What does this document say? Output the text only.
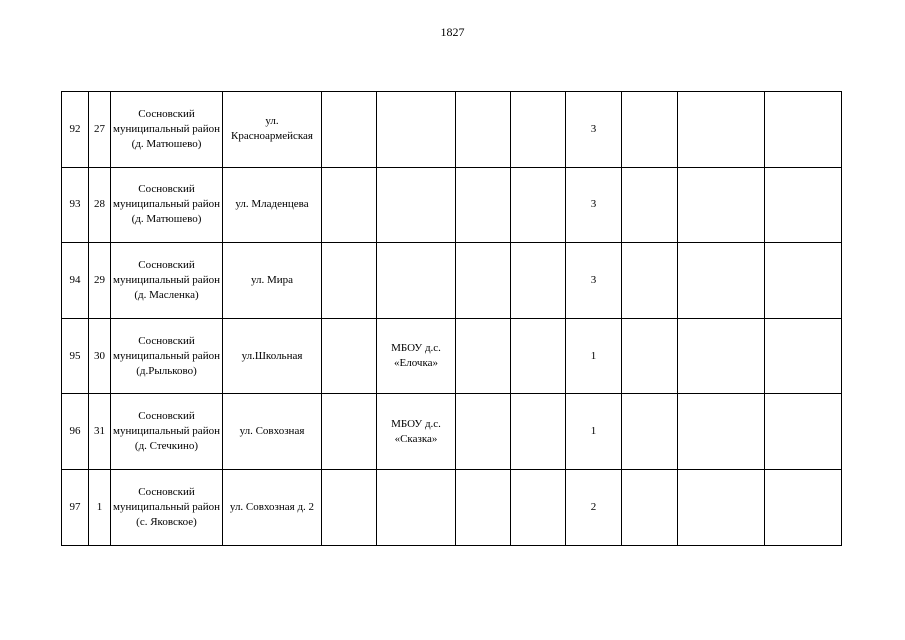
1827
92	27	Сосновский муниципальный район (д. Матюшево)	ул. Красноармейская					3			
93	28	Сосновский муниципальный район (д. Матюшево)	ул. Младенцева					3			
94	29	Сосновский муниципальный район (д. Масленка)	ул. Мира					3			
95	30	Сосновский муниципальный район (д.Рыльково)	ул.Школьная		МБОУ д.с. «Елочка»			1			
96	31	Сосновский муниципальный район (д. Стечкино)	ул. Совхозная		МБОУ д.с. «Сказка»			1			
97	1	Сосновский муниципальный район (с. Яковское)	ул. Совхозная д. 2					2			
